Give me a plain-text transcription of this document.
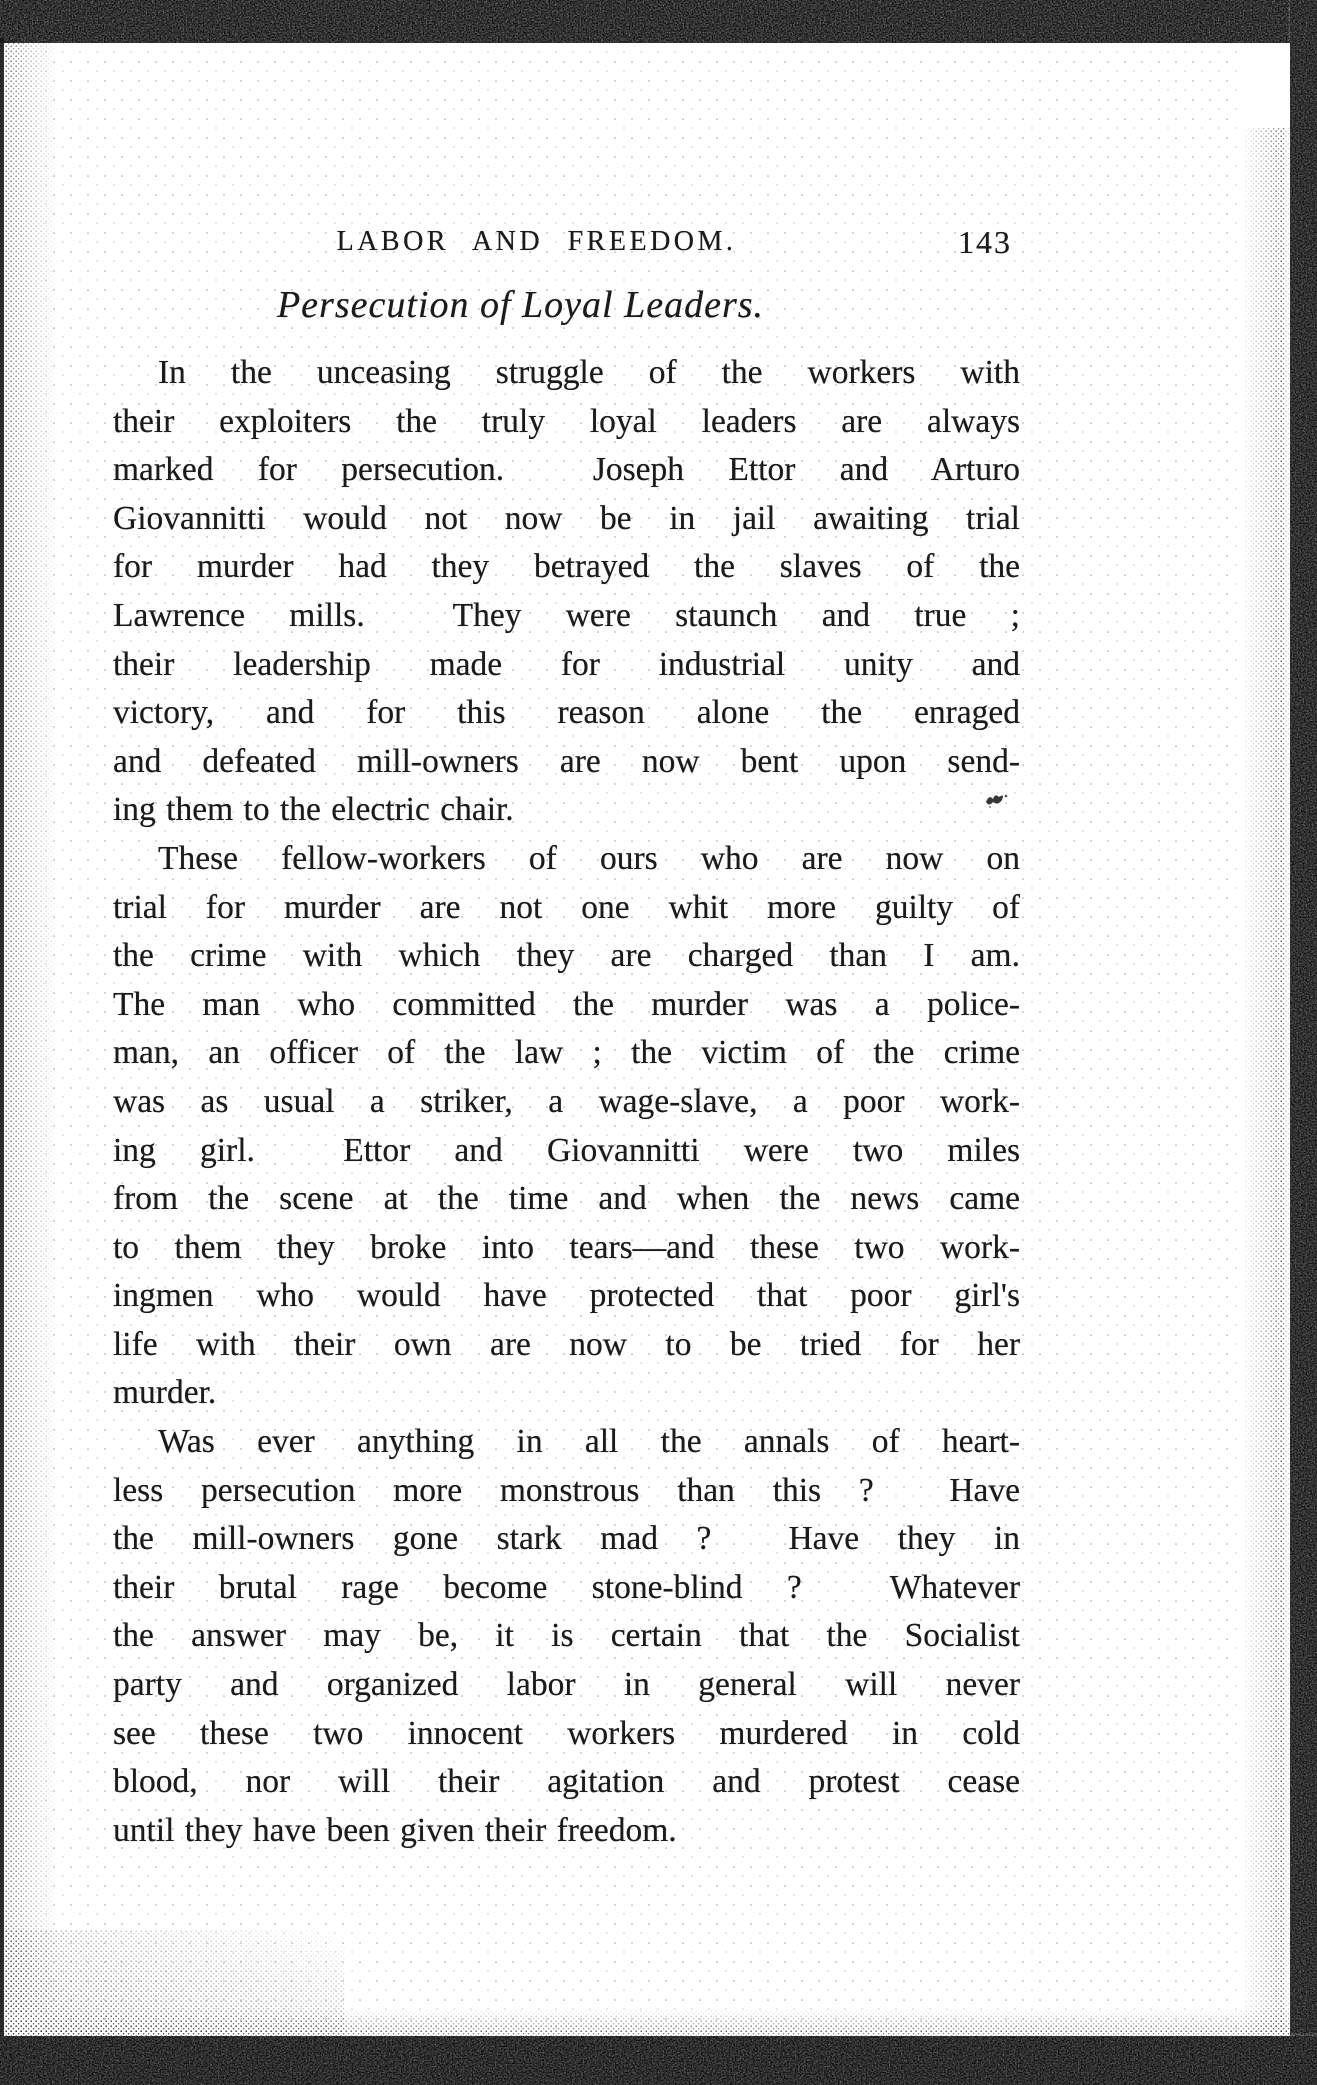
LABOR AND FREEDOM.	143
Persecution of Loyal Leaders.
In the unceasing struggle of the workers with
their exploiters the truly loyal leaders are always
marked for persecution.  Joseph Ettor and Arturo
Giovannitti would not now be in jail awaiting trial
for murder had they betrayed the slaves of the
Lawrence mills.  They were staunch and true ;
their leadership made for industrial unity and
victory, and for this reason alone the enraged
and defeated mill-owners are now bent upon send-
ing them to the electric chair.
These fellow-workers of ours who are now on
trial for murder are not one whit more guilty of
the crime with which they are charged than I am.
The man who committed the murder was a police-
man, an officer of the law ; the victim of the crime
was as usual a striker, a wage-slave, a poor work-
ing girl.  Ettor and Giovannitti were two miles
from the scene at the time and when the news came
to them they broke into tears—and these two work-
ingmen who would have protected that poor girl's
life with their own are now to be tried for her
murder.
Was ever anything in all the annals of heart-
less persecution more monstrous than this ?  Have
the mill-owners gone stark mad ?  Have they in
their brutal rage become stone-blind ?  Whatever
the answer may be, it is certain that the Socialist
party and organized labor in general will never
see these two innocent workers murdered in cold
blood, nor will their agitation and protest cease
until they have been given their freedom.
